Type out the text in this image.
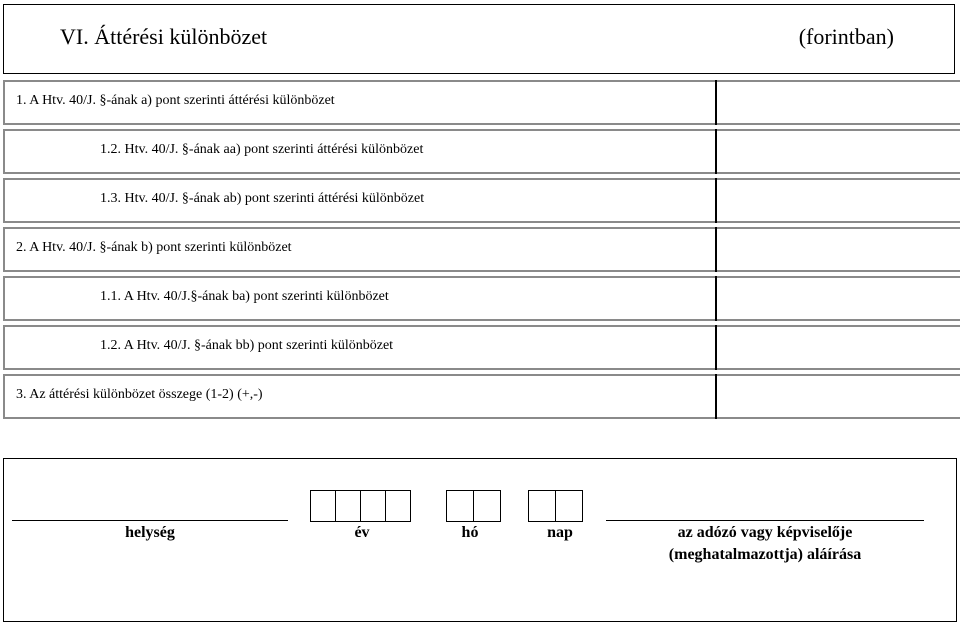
VI. Áttérési különbözet	(forintban)
1. A Htv. 40/J. §-ának a) pont szerinti áttérési különbözet
1.2. Htv. 40/J. §-ának aa) pont szerinti áttérési különbözet
1.3. Htv. 40/J. §-ának ab) pont szerinti áttérési különbözet
2. A Htv. 40/J. §-ának b) pont szerinti különbözet
1.1. A Htv. 40/J.§-ának ba) pont szerinti különbözet
1.2. A Htv. 40/J. §-ának bb) pont szerinti különbözet
3. Az áttérési különbözet összege (1-2) (+,-)
helység	év	hó	nap	az adózó vagy képviselője
(meghatalmazottja) aláírása
